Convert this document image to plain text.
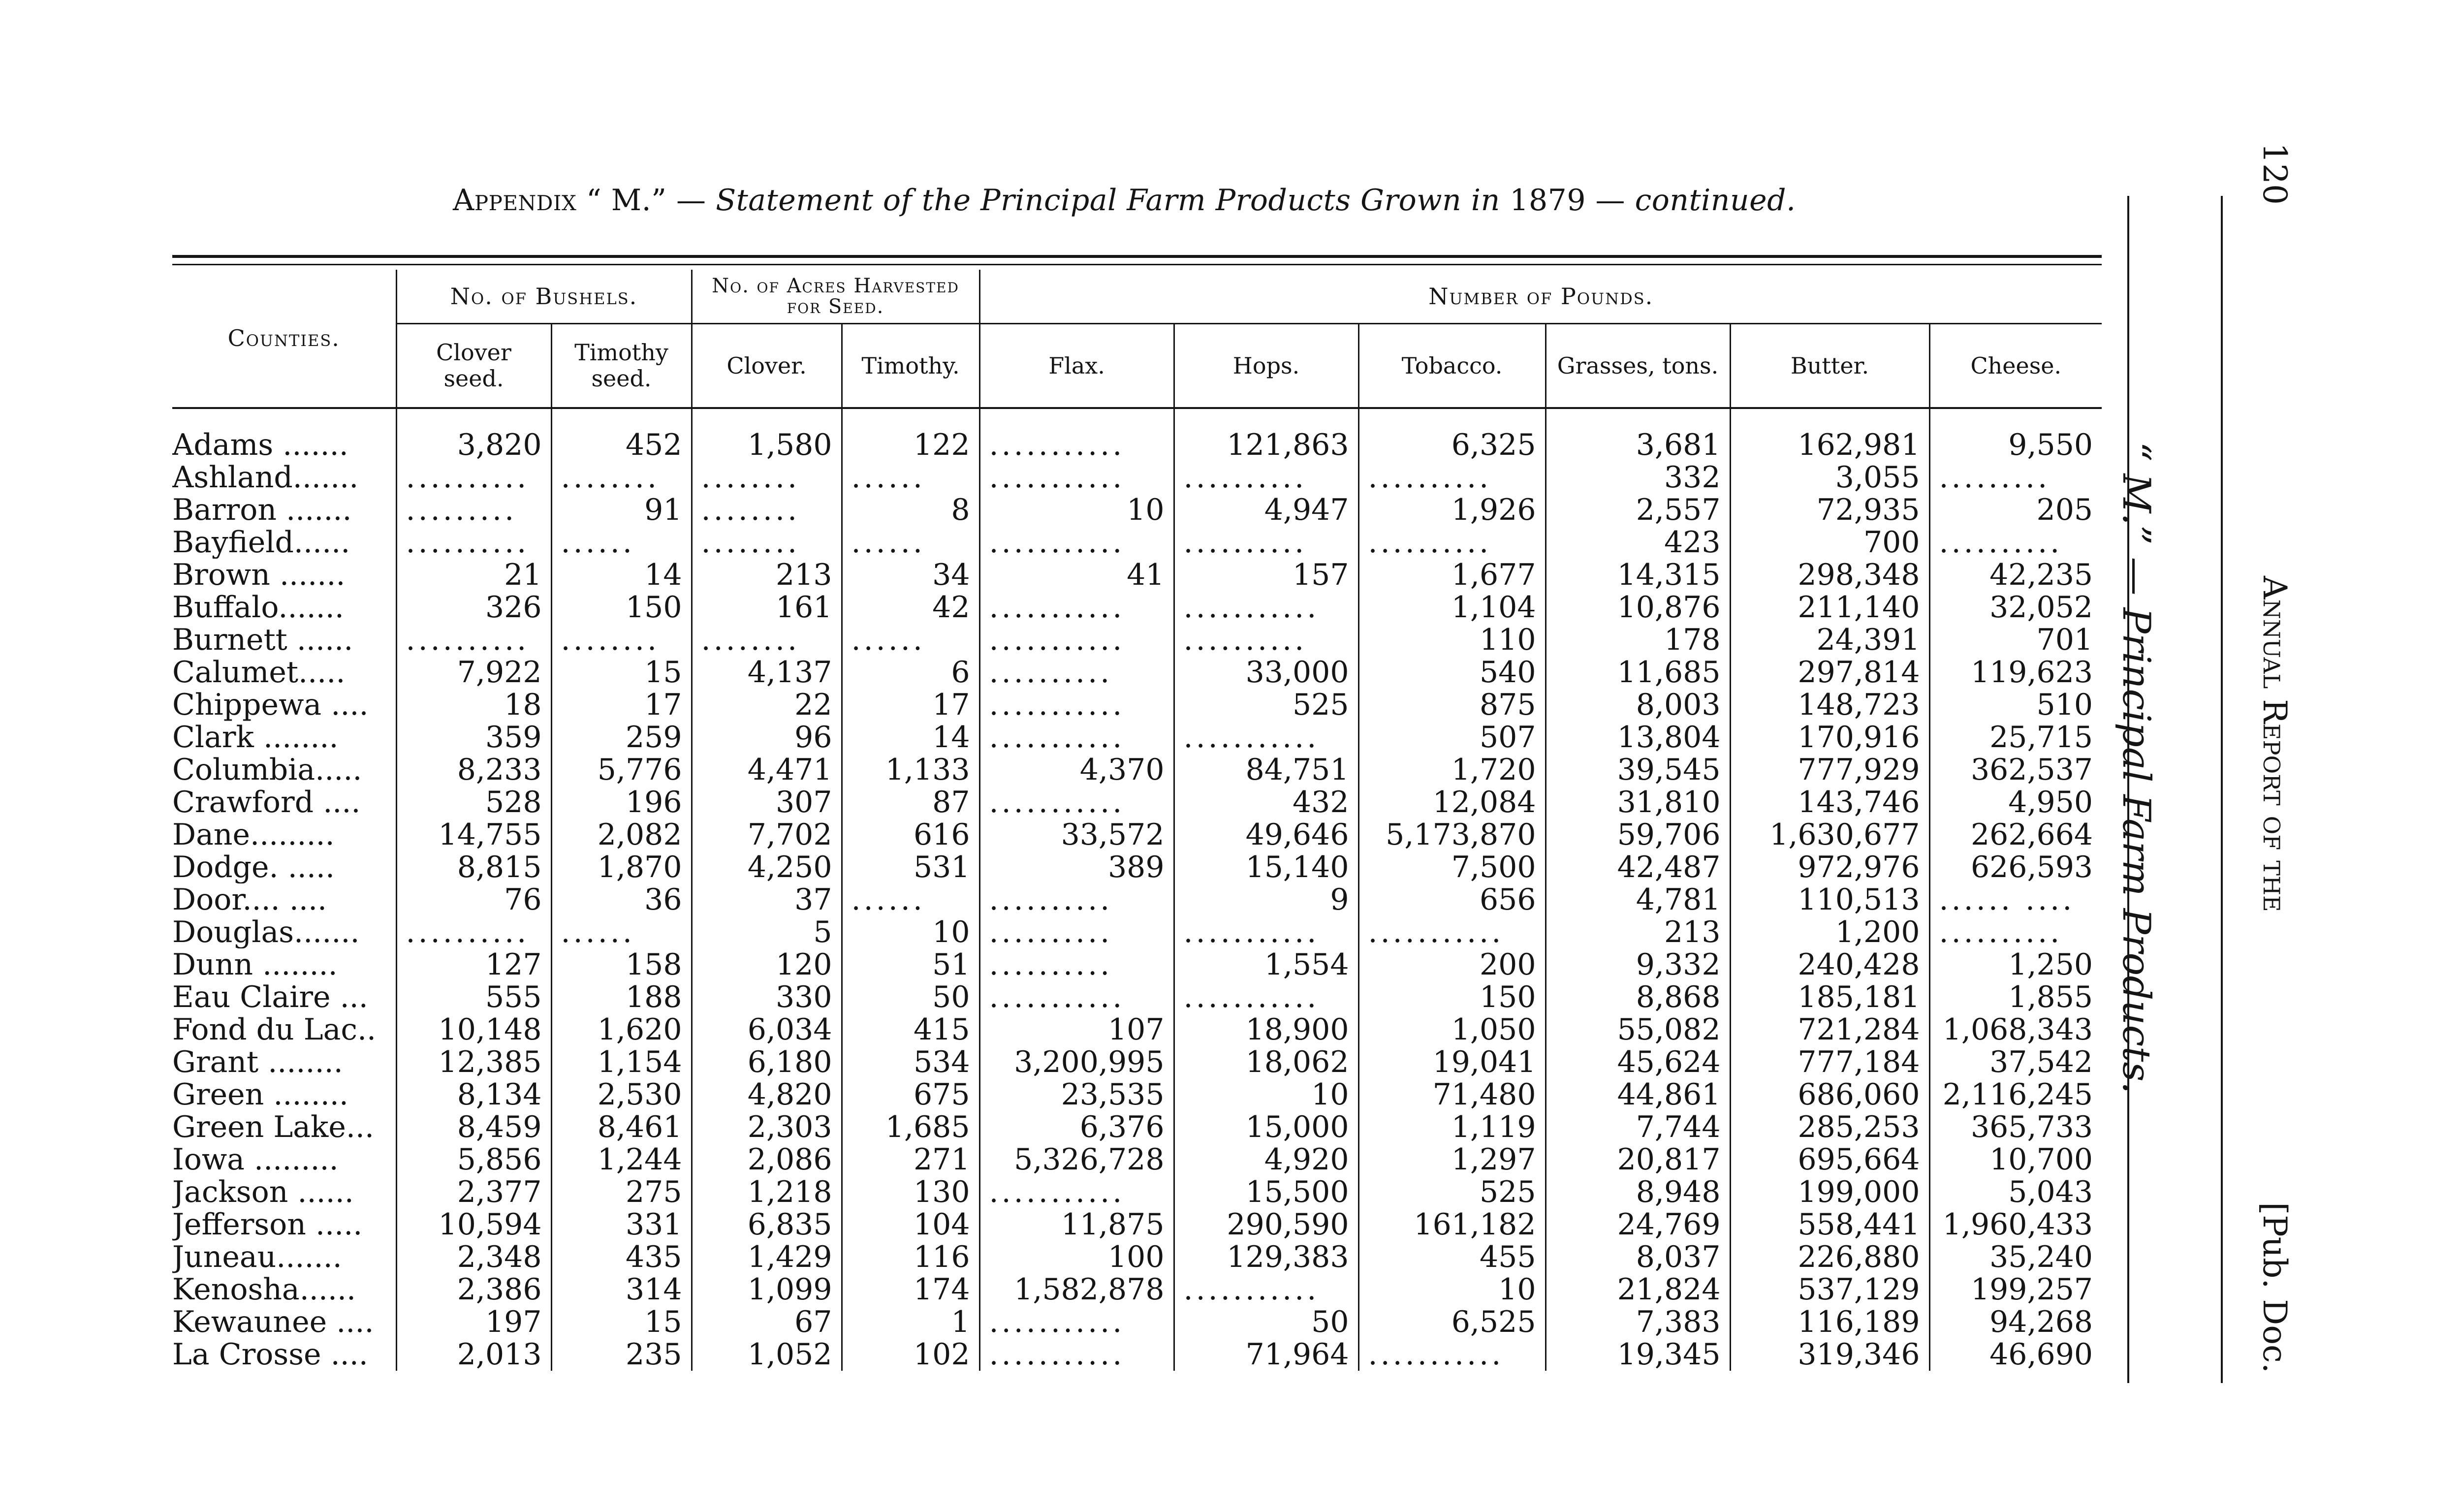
Appendix “ M.” — Statement of the Principal Farm Products Grown in 1879 — continued.
Counties.	No. of Bushels.		No. of Acres Harvested for Seed.		Number of Pounds.					
	Clover seed.	Timothy seed.	Clover.	Timothy.	Flax.	Hops.	Tobacco.	Grasses, tons.	Butter.	Cheese.
Adams .......	3,820	452	1,580	122	...........	121,863	6,325	3,681	162,981	9,550
Ashland.......	..........	........	........	......	...........	..........	..........	332	3,055	.........
Barron .......	.........	91	........	8	10	4,947	1,926	2,557	72,935	205
Bayfield......	..........	......	........	......	...........	..........	..........	423	700	..........
Brown .......	21	14	213	34	41	157	1,677	14,315	298,348	42,235
Buffalo.......	326	150	161	42	...........	...........	1,104	10,876	211,140	32,052
Burnett ......	..........	........	........	......	...........	..........	110	178	24,391	701
Calumet.....	7,922	15	4,137	6	..........	33,000	540	11,685	297,814	119,623
Chippewa ....	18	17	22	17	...........	525	875	8,003	148,723	510
Clark ........	359	259	96	14	...........	...........	507	13,804	170,916	25,715
Columbia.....	8,233	5,776	4,471	1,133	4,370	84,751	1,720	39,545	777,929	362,537
Crawford ....	528	196	307	87	...........	432	12,084	31,810	143,746	4,950
Dane.........	14,755	2,082	7,702	616	33,572	49,646	5,173,870	59,706	1,630,677	262,664
Dodge. .....	8,815	1,870	4,250	531	389	15,140	7,500	42,487	972,976	626,593
Door.... ....	76	36	37	......	..........	9	656	4,781	110,513	...... ....
Douglas.......	..........	......	5	10	..........	...........	...........	213	1,200	..........
Dunn ........	127	158	120	51	..........	1,554	200	9,332	240,428	1,250
Eau Claire ...	555	188	330	50	...........	...........	150	8,868	185,181	1,855
Fond du Lac..	10,148	1,620	6,034	415	107	18,900	1,050	55,082	721,284	1,068,343
Grant ........	12,385	1,154	6,180	534	3,200,995	18,062	19,041	45,624	777,184	37,542
Green ........	8,134	2,530	4,820	675	23,535	10	71,480	44,861	686,060	2,116,245
Green Lake...	8,459	8,461	2,303	1,685	6,376	15,000	1,119	7,744	285,253	365,733
Iowa .........	5,856	1,244	2,086	271	5,326,728	4,920	1,297	20,817	695,664	10,700
Jackson ......	2,377	275	1,218	130	...........	15,500	525	8,948	199,000	5,043
Jefferson .....	10,594	331	6,835	104	11,875	290,590	161,182	24,769	558,441	1,960,433
Juneau.......	2,348	435	1,429	116	100	129,383	455	8,037	226,880	35,240
Kenosha......	2,386	314	1,099	174	1,582,878	...........	10	21,824	537,129	199,257
Kewaunee ....	197	15	67	1	...........	50	6,525	7,383	116,189	94,268
La Crosse ....	2,013	235	1,052	102	...........	71,964	...........	19,345	319,346	46,690
“ M.” — Principal Farm Products.
120
Annual Report of the
[Pub. Doc.
